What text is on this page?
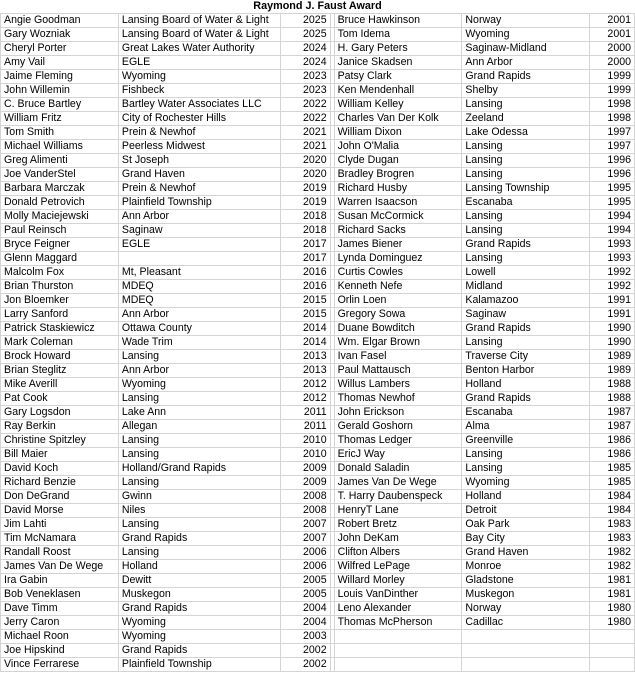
Raymond J. Faust Award
Angie Goodman	Lansing Board of Water & Light	2025		Bruce Hawkinson	Norway	2001
Gary Wozniak	Lansing Board of Water & Light	2025		Tom Idema	Wyoming	2001
Cheryl Porter	Great Lakes Water Authority	2024		H. Gary Peters	Saginaw-Midland	2000
Amy Vail	EGLE	2024		Janice Skadsen	Ann Arbor	2000
Jaime Fleming	Wyoming	2023		Patsy Clark	Grand Rapids	1999
John Willemin	Fishbeck	2023		Ken Mendenhall	Shelby	1999
C. Bruce Bartley	Bartley Water Associates LLC	2022		William Kelley	Lansing	1998
William Fritz	City of Rochester Hills	2022		Charles Van Der Kolk	Zeeland	1998
Tom Smith	Prein & Newhof	2021		William Dixon	Lake Odessa	1997
Michael Williams	Peerless Midwest	2021		John O'Malia	Lansing	1997
Greg Alimenti	St Joseph	2020		Clyde Dugan	Lansing	1996
Joe VanderStel	Grand Haven	2020		Bradley Brogren	Lansing	1996
Barbara Marczak	Prein & Newhof	2019		Richard Husby	Lansing Township	1995
Donald Petrovich	Plainfield Township	2019		Warren Isaacson	Escanaba	1995
Molly Maciejewski	Ann Arbor	2018		Susan McCormick	Lansing	1994
Paul Reinsch	Saginaw	2018		Richard Sacks	Lansing	1994
Bryce Feigner	EGLE	2017		James Biener	Grand Rapids	1993
Glenn Maggard		2017		Lynda Dominguez	Lansing	1993
Malcolm Fox	Mt, Pleasant	2016		Curtis Cowles	Lowell	1992
Brian Thurston	MDEQ	2016		Kenneth Nefe	Midland	1992
Jon Bloemker	MDEQ	2015		Orlin Loen	Kalamazoo	1991
Larry Sanford	Ann Arbor	2015		Gregory Sowa	Saginaw	1991
Patrick Staskiewicz	Ottawa County	2014		Duane Bowditch	Grand Rapids	1990
Mark Coleman	Wade Trim	2014		Wm. Elgar Brown	Lansing	1990
Brock Howard	Lansing	2013		Ivan Fasel	Traverse City	1989
Brian Steglitz	Ann Arbor	2013		Paul Mattausch	Benton Harbor	1989
Mike Averill	Wyoming	2012		Willus Lambers	Holland	1988
Pat Cook	Lansing	2012		Thomas Newhof	Grand Rapids	1988
Gary Logsdon	Lake Ann	2011		John Erickson	Escanaba	1987
Ray Berkin	Allegan	2011		Gerald Goshorn	Alma	1987
Christine Spitzley	Lansing	2010		Thomas Ledger	Greenville	1986
Bill Maier	Lansing	2010		EricJ Way	Lansing	1986
David Koch	Holland/Grand Rapids	2009		Donald Saladin	Lansing	1985
Richard Benzie	Lansing	2009		James Van De Wege	Wyoming	1985
Don DeGrand	Gwinn	2008		T. Harry Daubenspeck	Holland	1984
David Morse	Niles	2008		HenryT Lane	Detroit	1984
Jim Lahti	Lansing	2007		Robert Bretz	Oak Park	1983
Tim McNamara	Grand Rapids	2007		John DeKam	Bay City	1983
Randall Roost	Lansing	2006		Clifton Albers	Grand Haven	1982
James Van De Wege	Holland	2006		Wilfred LePage	Monroe	1982
Ira Gabin	Dewitt	2005		Willard Morley	Gladstone	1981
Bob Veneklasen	Muskegon	2005		Louis VanDinther	Muskegon	1981
Dave Timm	Grand Rapids	2004		Leno Alexander	Norway	1980
Jerry Caron	Wyoming	2004		Thomas McPherson	Cadillac	1980
Michael Roon	Wyoming	2003				
Joe Hipskind	Grand Rapids	2002				
Vince Ferrarese	Plainfield Township	2002				
